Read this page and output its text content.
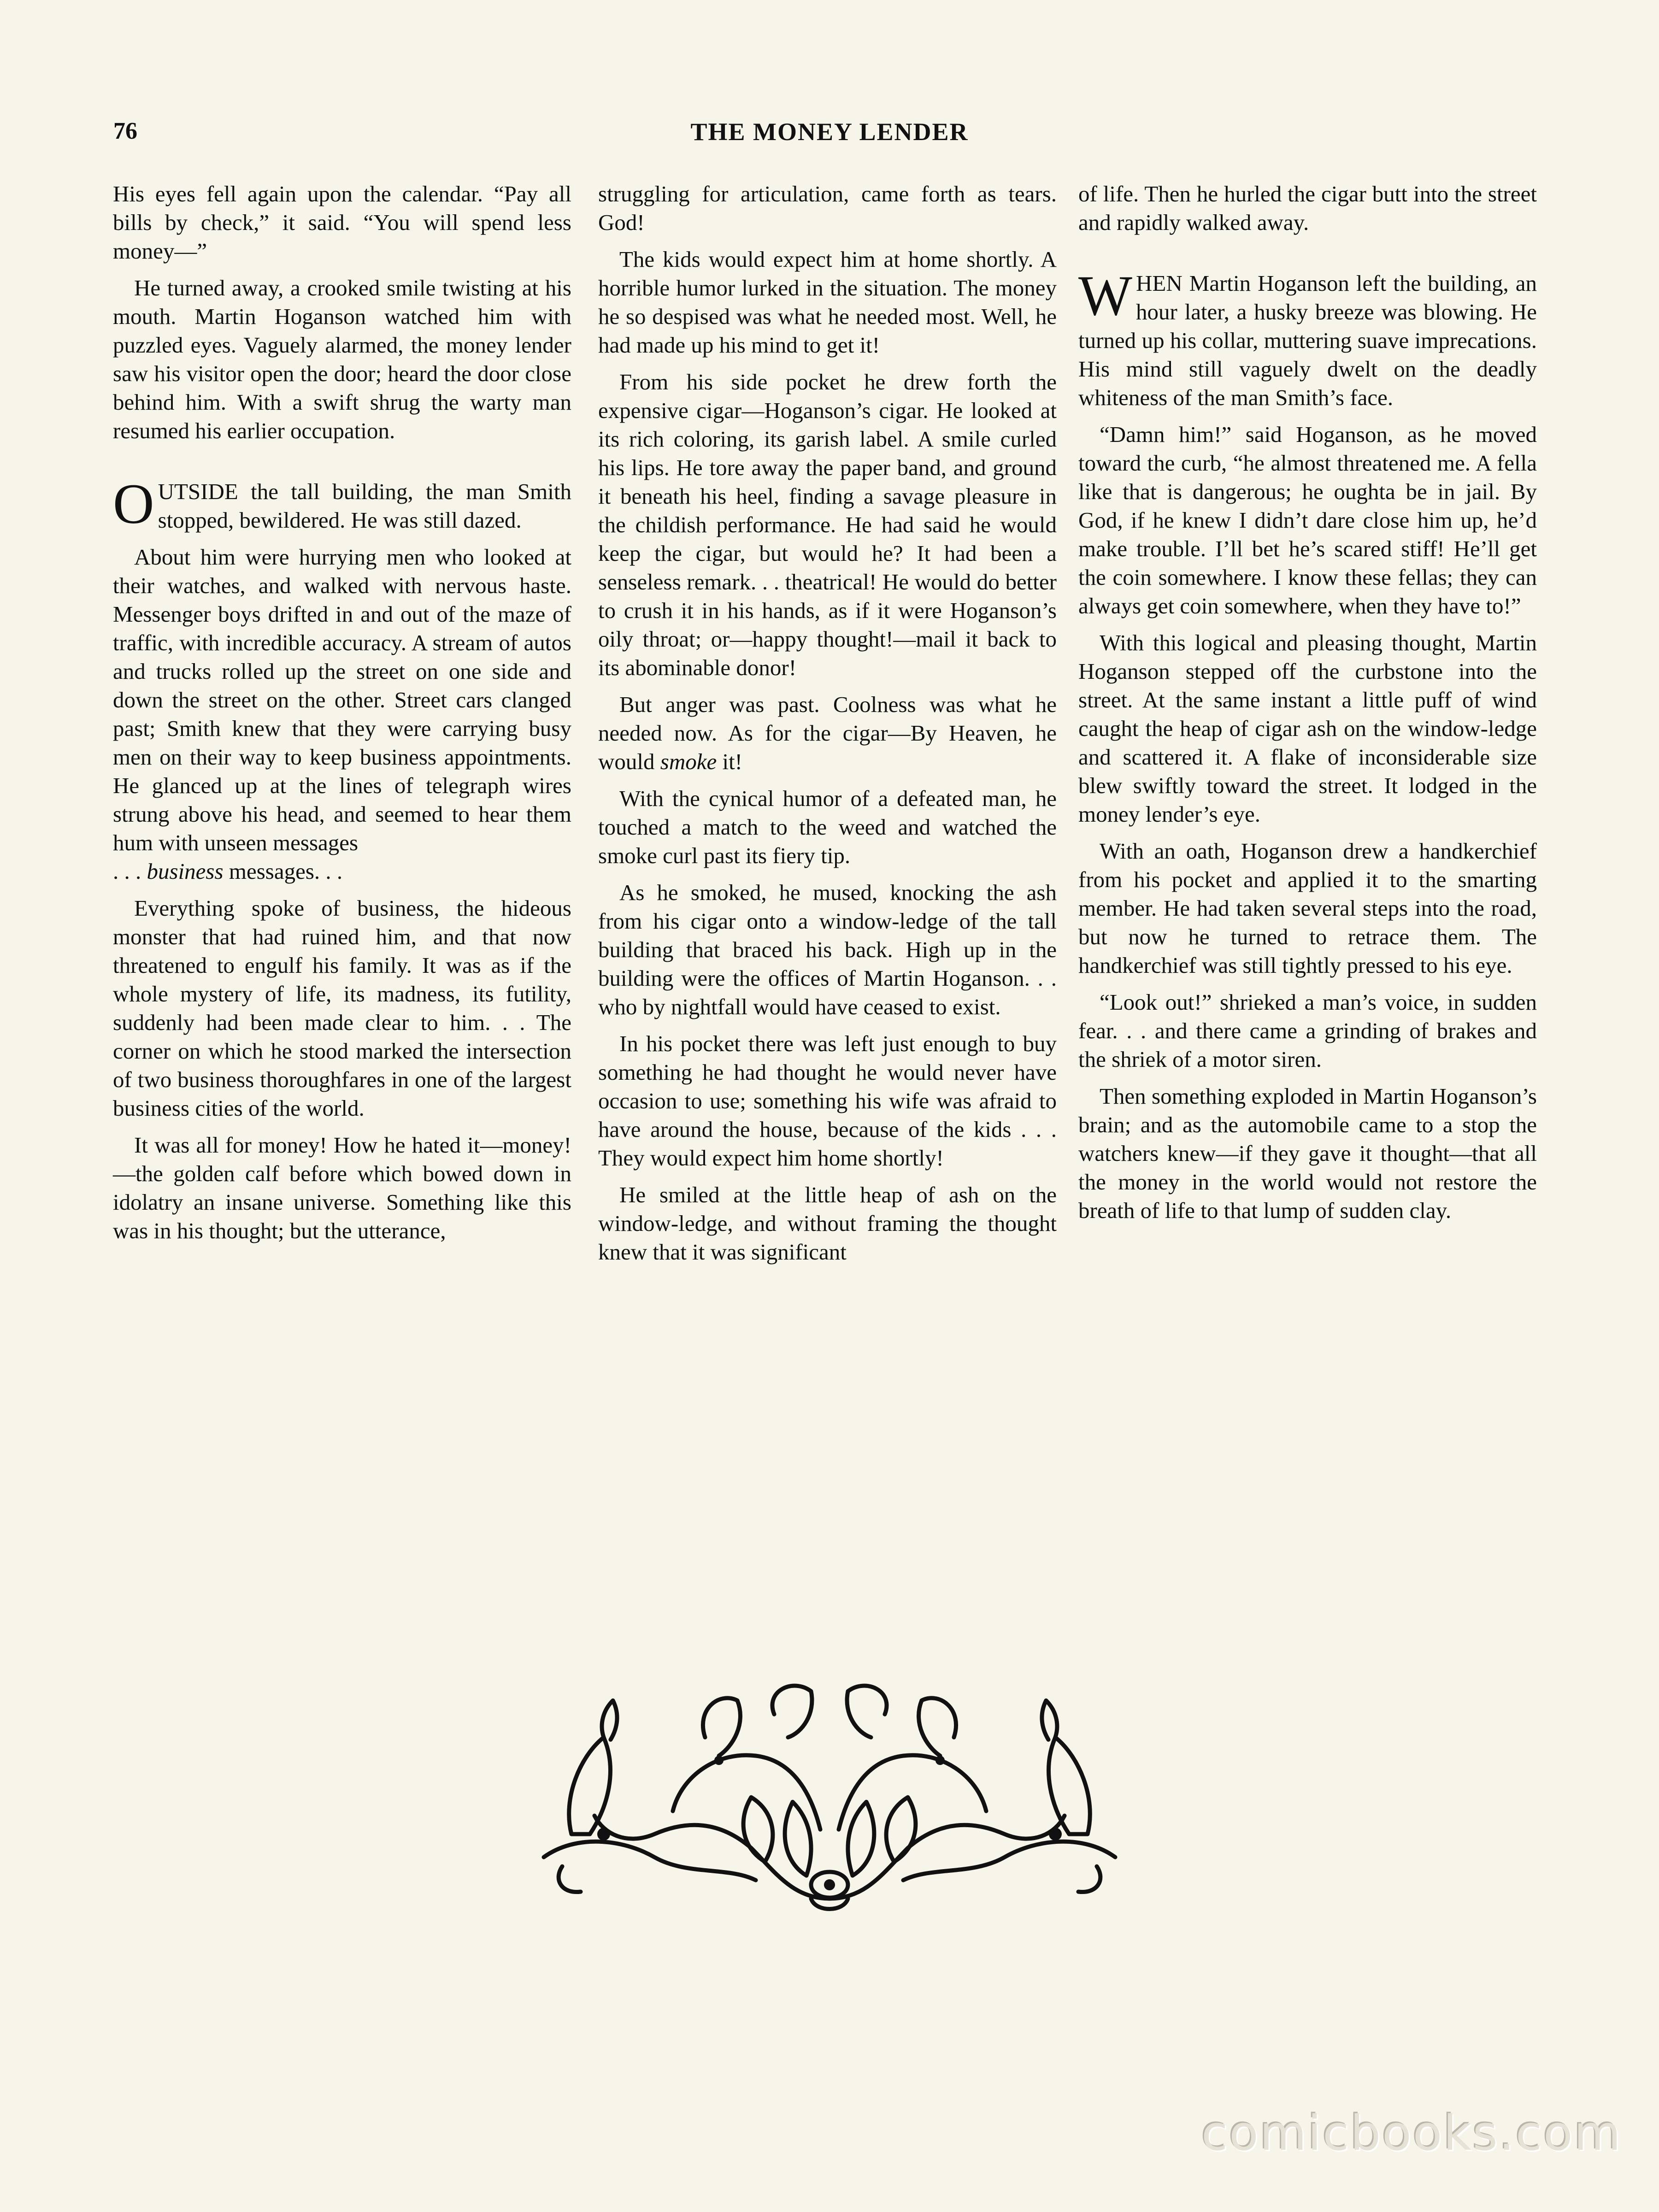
76	THE MONEY LENDER

His eyes fell again upon the calendar. “Pay all bills by check,” it said. “You will spend less money—”

He turned away, a crooked smile twisting at his mouth. Martin Hoganson watched him with puzzled eyes. Vaguely alarmed, the money lender saw his visitor open the door; heard the door close behind him. With a swift shrug the warty man resumed his earlier occupation.

OUTSIDE the tall building, the man Smith stopped, bewildered. He was still dazed.

About him were hurrying men who looked at their watches, and walked with nervous haste. Messenger boys drifted in and out of the maze of traffic, with incredible accuracy. A stream of autos and trucks rolled up the street on one side and down the street on the other. Street cars clanged past; Smith knew that they were carrying busy men on their way to keep business appointments. He glanced up at the lines of telegraph wires strung above his head, and seemed to hear them hum with unseen messages
. . . business messages. . .

Everything spoke of business, the hideous monster that had ruined him, and that now threatened to engulf his family. It was as if the whole mystery of life, its madness, its futility, suddenly had been made clear to him. . . The corner on which he stood marked the intersection of two business thoroughfares in one of the largest business cities of the world.

It was all for money! How he hated it—money!—the golden calf before which bowed down in idolatry an insane universe. Something like this was in his thought; but the utterance,

struggling for articulation, came forth as tears. God!

The kids would expect him at home shortly. A horrible humor lurked in the situation. The money he so despised was what he needed most. Well, he had made up his mind to get it!

From his side pocket he drew forth the expensive cigar—Hoganson’s cigar. He looked at its rich coloring, its garish label. A smile curled his lips. He tore away the paper band, and ground it beneath his heel, finding a savage pleasure in the childish performance. He had said he would keep the cigar, but would he? It had been a senseless remark. . . theatrical! He would do better to crush it in his hands, as if it were Hoganson’s oily throat; or—happy thought!—mail it back to its abominable donor!

But anger was past. Coolness was what he needed now. As for the cigar—By Heaven, he would smoke it!

With the cynical humor of a defeated man, he touched a match to the weed and watched the smoke curl past its fiery tip.

As he smoked, he mused, knocking the ash from his cigar onto a window-ledge of the tall building that braced his back. High up in the building were the offices of Martin Hoganson. . . who by nightfall would have ceased to exist.

In his pocket there was left just enough to buy something he had thought he would never have occasion to use; something his wife was afraid to have around the house, because of the kids . . . They would expect him home shortly!

He smiled at the little heap of ash on the window-ledge, and without framing the thought knew that it was significant

of life. Then he hurled the cigar butt into the street and rapidly walked away.

WHEN Martin Hoganson left the building, an hour later, a husky breeze was blowing. He turned up his collar, muttering suave imprecations. His mind still vaguely dwelt on the deadly whiteness of the man Smith’s face.

“Damn him!” said Hoganson, as he moved toward the curb, “he almost threatened me. A fella like that is dangerous; he oughta be in jail. By God, if he knew I didn’t dare close him up, he’d make trouble. I’ll bet he’s scared stiff! He’ll get the coin somewhere. I know these fellas; they can always get coin somewhere, when they have to!”

With this logical and pleasing thought, Martin Hoganson stepped off the curbstone into the street. At the same instant a little puff of wind caught the heap of cigar ash on the window-ledge and scattered it. A flake of inconsiderable size blew swiftly toward the street. It lodged in the money lender’s eye.

With an oath, Hoganson drew a handkerchief from his pocket and applied it to the smarting member. He had taken several steps into the road, but now he turned to retrace them. The handkerchief was still tightly pressed to his eye.

“Look out!” shrieked a man’s voice, in sudden fear. . . and there came a grinding of brakes and the shriek of a motor siren.

Then something exploded in Martin Hoganson’s brain; and as the automobile came to a stop the watchers knew—if they gave it thought—that all the money in the world would not restore the breath of life to that lump of sudden clay.

comicbooks.com
